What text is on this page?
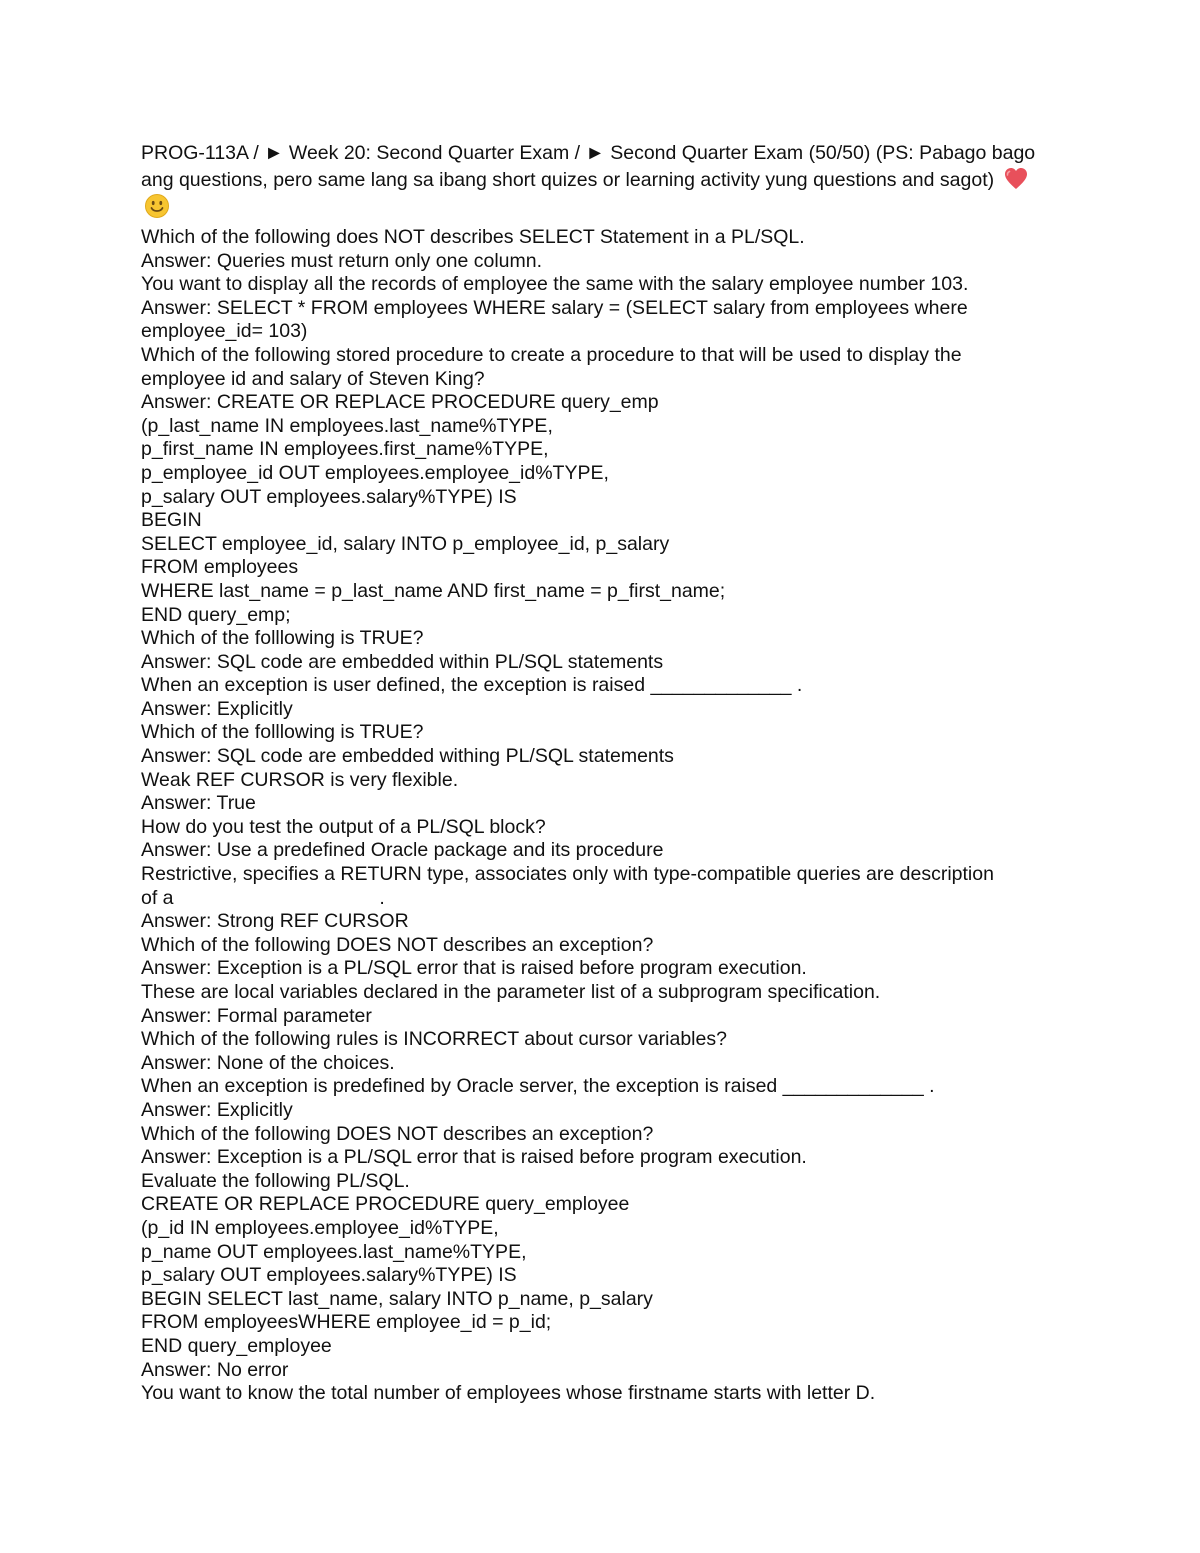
PROG-113A / ► Week 20: Second Quarter Exam / ► Second Quarter Exam (50/50) (PS: Pabago bago ang questions, pero same lang sa ibang short quizes or learning activity yung questions and sagot)
Which of the following does NOT describes SELECT Statement in a PL/SQL.
Answer: Queries must return only one column.
You want to display all the records of employee the same with the salary employee number 103.
Answer: SELECT * FROM employees WHERE salary = (SELECT salary from employees where
employee_id= 103)
Which of the following stored procedure to create a procedure to that will be used to display the
employee id and salary of Steven King?
Answer: CREATE OR REPLACE PROCEDURE query_emp
(p_last_name IN employees.last_name%TYPE,
p_first_name IN employees.first_name%TYPE,
p_employee_id OUT employees.employee_id%TYPE,
p_salary OUT employees.salary%TYPE) IS
BEGIN
SELECT employee_id, salary INTO p_employee_id, p_salary
FROM employees
WHERE last_name = p_last_name AND first_name = p_first_name;
END query_emp;
Which of the folllowing is TRUE?
Answer: SQL code are embedded within PL/SQL statements
When an exception is user defined, the exception is raised _____________ .
Answer: Explicitly
Which of the folllowing is TRUE?
Answer: SQL code are embedded withing PL/SQL statements
Weak REF CURSOR is very flexible.
Answer: True
How do you test the output of a PL/SQL block?
Answer: Use a predefined Oracle package and its procedure
Restrictive, specifies a RETURN type, associates only with type-compatible queries are description
of a                                      .
Answer: Strong REF CURSOR
Which of the following DOES NOT describes an exception?
Answer: Exception is a PL/SQL error that is raised before program execution.
These are local variables declared in the parameter list of a subprogram specification.
Answer: Formal parameter
Which of the following rules is INCORRECT about cursor variables?
Answer: None of the choices.
When an exception is predefined by Oracle server, the exception is raised _____________ .
Answer: Explicitly
Which of the following DOES NOT describes an exception?
Answer: Exception is a PL/SQL error that is raised before program execution.
Evaluate the following PL/SQL.
CREATE OR REPLACE PROCEDURE query_employee
(p_id IN employees.employee_id%TYPE,
p_name OUT employees.last_name%TYPE,
p_salary OUT employees.salary%TYPE) IS
BEGIN SELECT last_name, salary INTO p_name, p_salary
FROM employeesWHERE employee_id = p_id;
END query_employee
Answer: No error
You want to know the total number of employees whose firstname starts with letter D.
